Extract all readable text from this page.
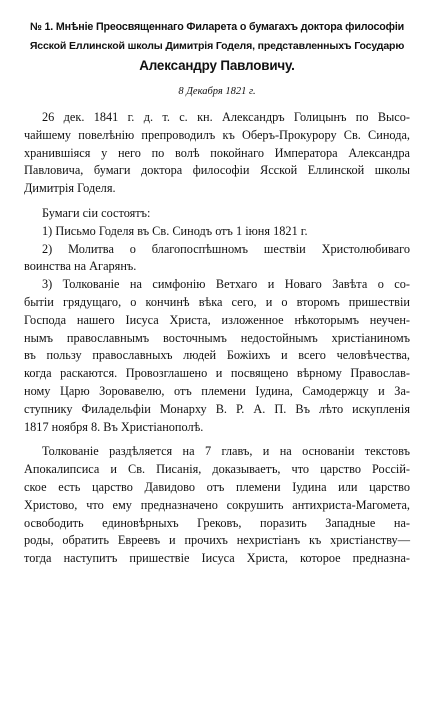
№ 1. Мнѣніе Преосвященнаго Филарета о бумагахъ доктора философіи
Ясской Еллинской школы Димитрія Годеля, представленныхъ Государю
Александру Павловичу.
8 Декабря 1821 г.
26 дек. 1841 г. д. т. с. кн. Александръ Голицынъ по Высо-
чайшему повелѣнію препроводилъ къ Оберъ-Прокурору Св. Синода,
хранившіяся у него по волѣ покойнаго Императора Александра
Павловича, бумаги доктора философіи Ясской Еллинской школы
Димитрія Годеля.
Бумаги сіи состоятъ:
1) Письмо Годеля въ Св. Синодъ отъ 1 іюня 1821 г.
2) Молитва о благопоспѣшномъ шествіи Христолюбиваго
воинства на Агарянъ.
3) Толкованіе на симфонію Ветхаго и Новаго Завѣта о со-
бытіи грядущаго, о кончинѣ вѣка сего, и о второмъ пришествіи
Господа нашего Іисуса Христа, изложенное нѣкоторымъ неучен-
нымъ православнымъ восточнымъ недостойнымъ христіаниномъ
въ пользу православныхъ людей Божіихъ и всего человѣчества,
когда раскаются. Провозглашено и посвящено вѣрному Православ-
ному Царю Зоровавелю, отъ племени Іудина, Самодержцу и За-
ступнику Филадельфіи Монарху В. Р. А. П. Въ лѣто искупленія
1817 ноября 8. Въ Христіанополѣ.
Толкованіе раздѣляется на 7 главъ, и на основаніи текстовъ
Апокалипсиса и Св. Писанія, доказываетъ, что царство Россій-
ское есть царство Давидово отъ племени Іудина или царство
Христово, что ему предназначено сокрушить антихриста-Магомета,
освободить единовѣрныхъ Грековъ, поразить Западные на-
роды, обратить Евреевъ и прочихъ нехристіанъ къ христіанству—
тогда наступитъ пришествіе Іисуса Христа, которое предназна-
